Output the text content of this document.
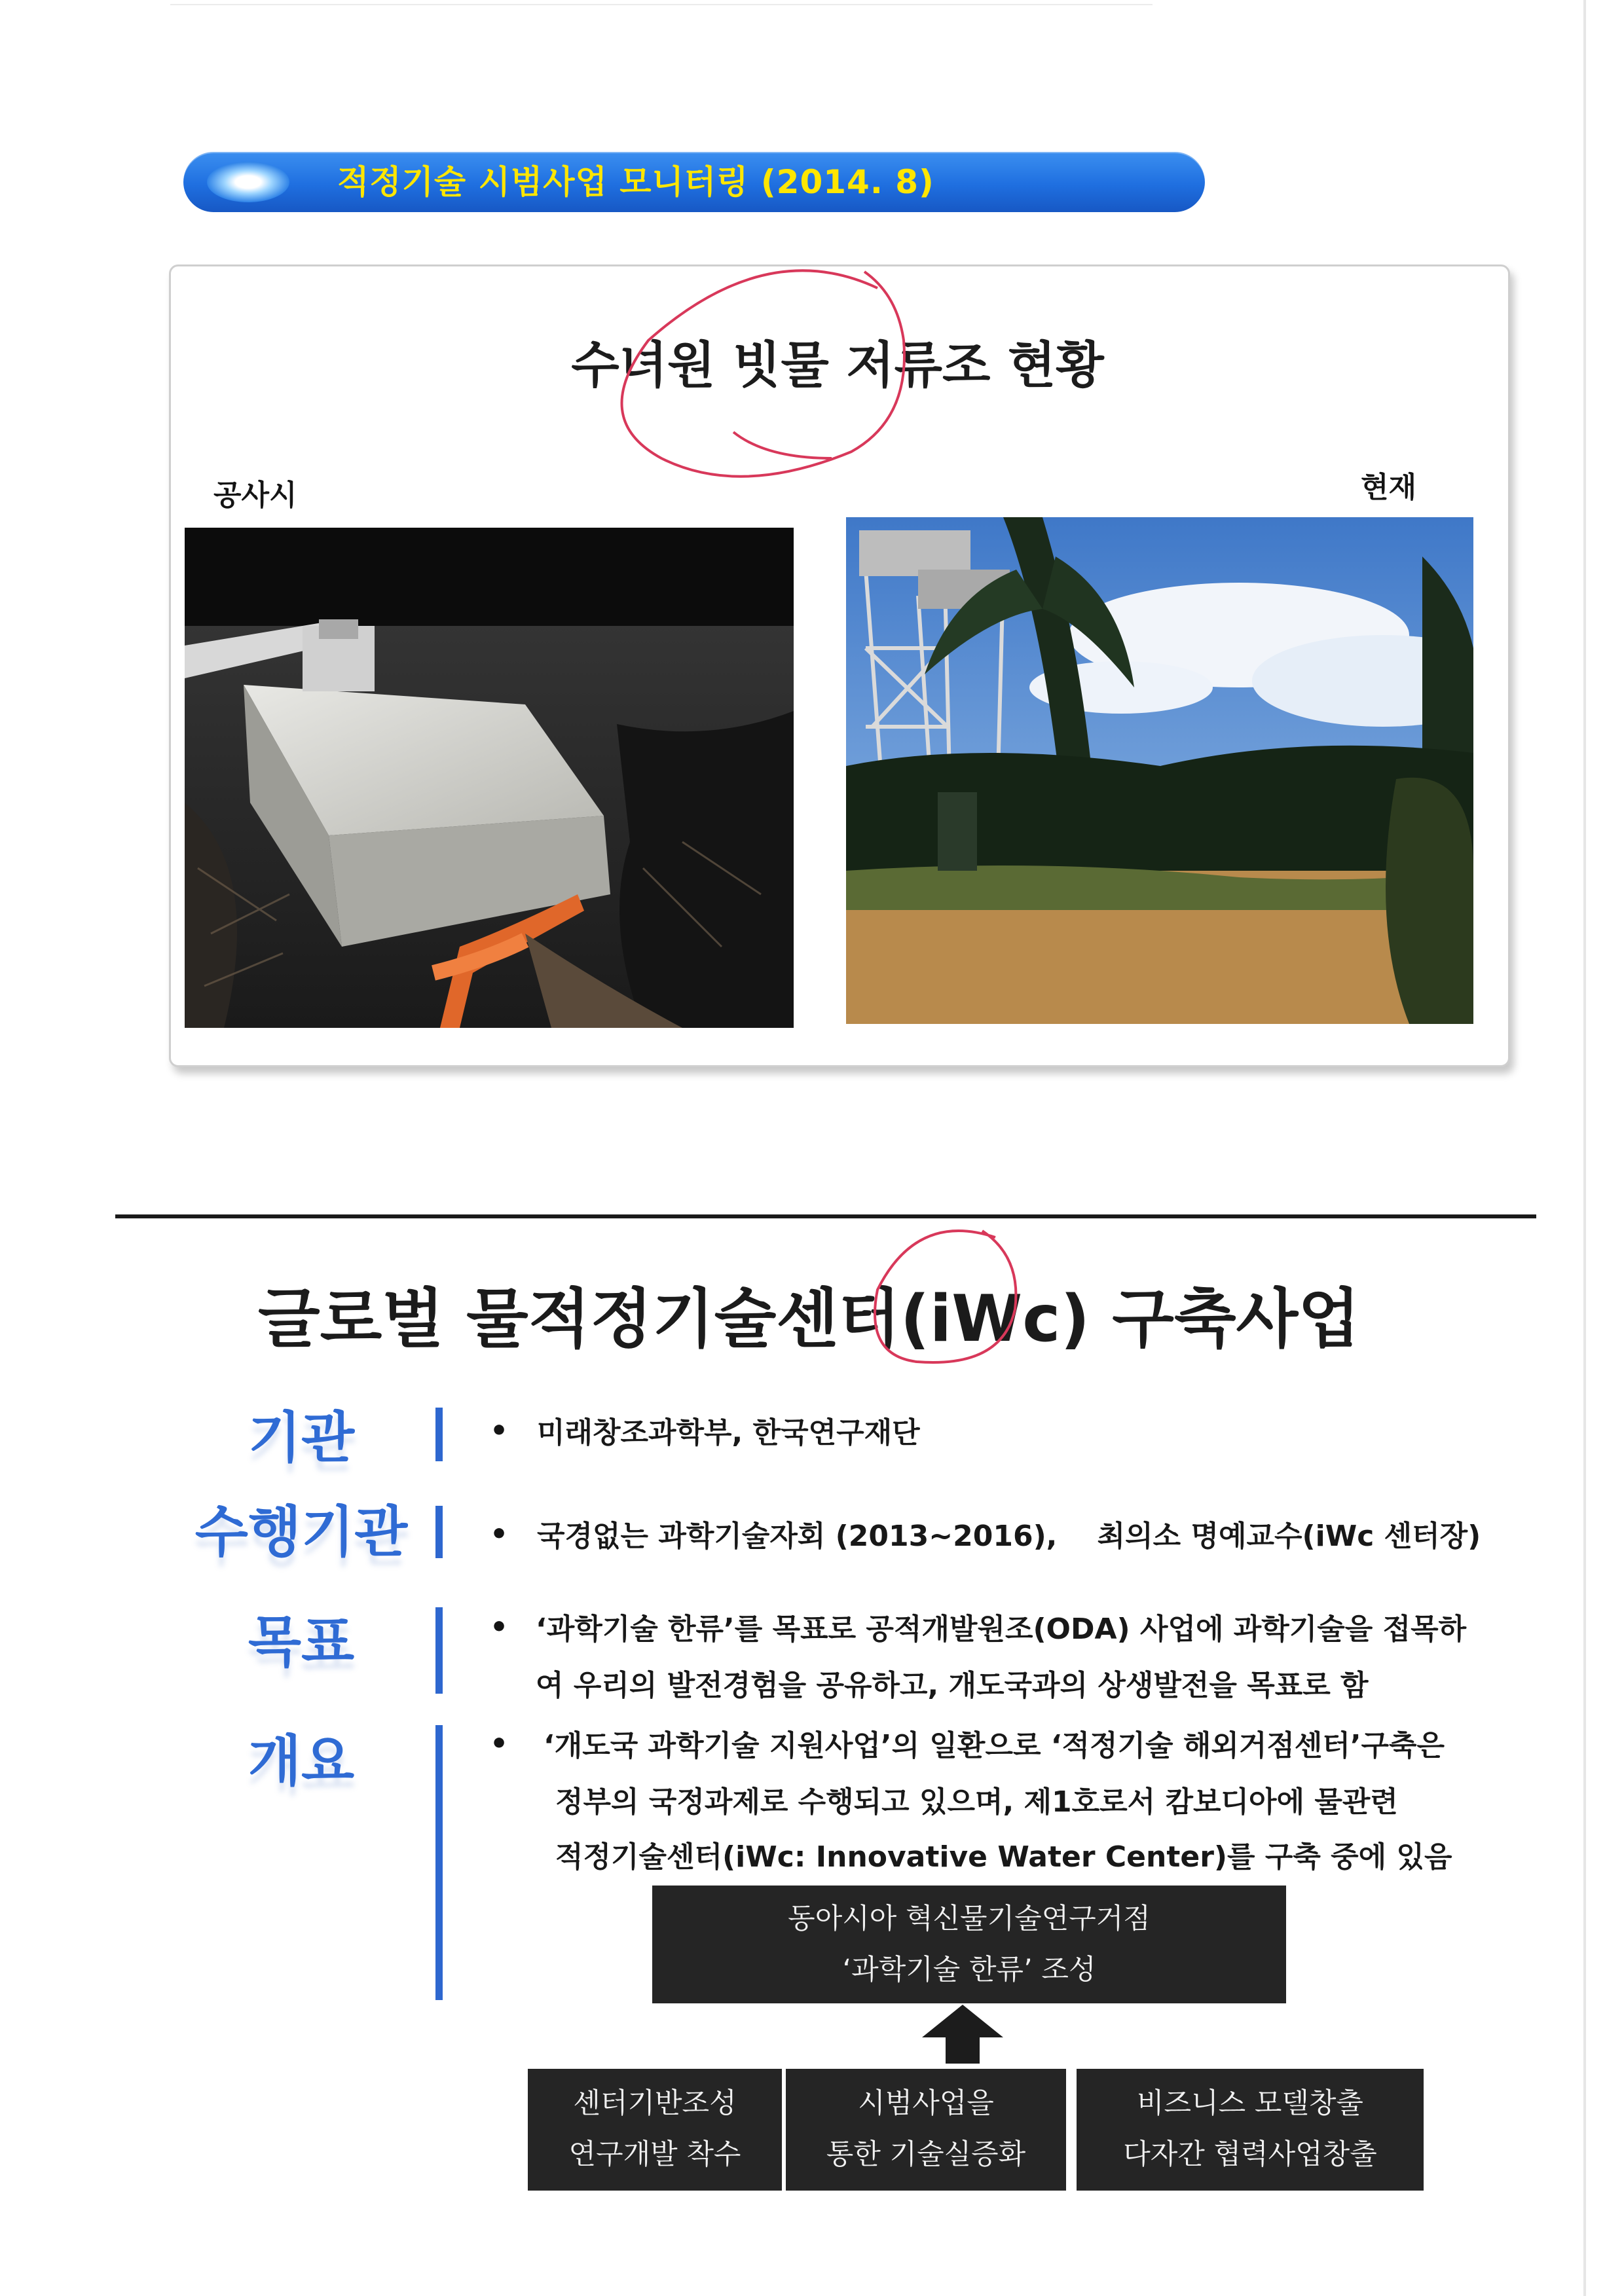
적정기술 시범사업 모니터링 (2014. 8)
수녀원 빗물 저류조 현황
공사시	현재
글로벌 물적정기술센터(iWc) 구축사업
기관
수행기관
목표
개요
• 미래창조과학부, 한국연구재단
• 국경없는 과학기술자회 (2013~2016),    최의소 명예교수(iWc 센터장)
• ‘과학기술 한류’를 목표로 공적개발원조(ODA) 사업에 과학기술을 접목하
여 우리의 발전경험을 공유하고, 개도국과의 상생발전을 목표로 함
• ‘개도국 과학기술 지원사업’의 일환으로 ‘적정기술 해외거점센터’구축은
정부의 국정과제로 수행되고 있으며, 제1호로서 캄보디아에 물관련
적정기술센터(iWc: Innovative Water Center)를 구축 중에 있음
동아시아 혁신물기술연구거점
‘과학기술 한류’ 조성
센터기반조성
연구개발 착수
시범사업을
통한 기술실증화
비즈니스 모델창출
다자간 협력사업창출
